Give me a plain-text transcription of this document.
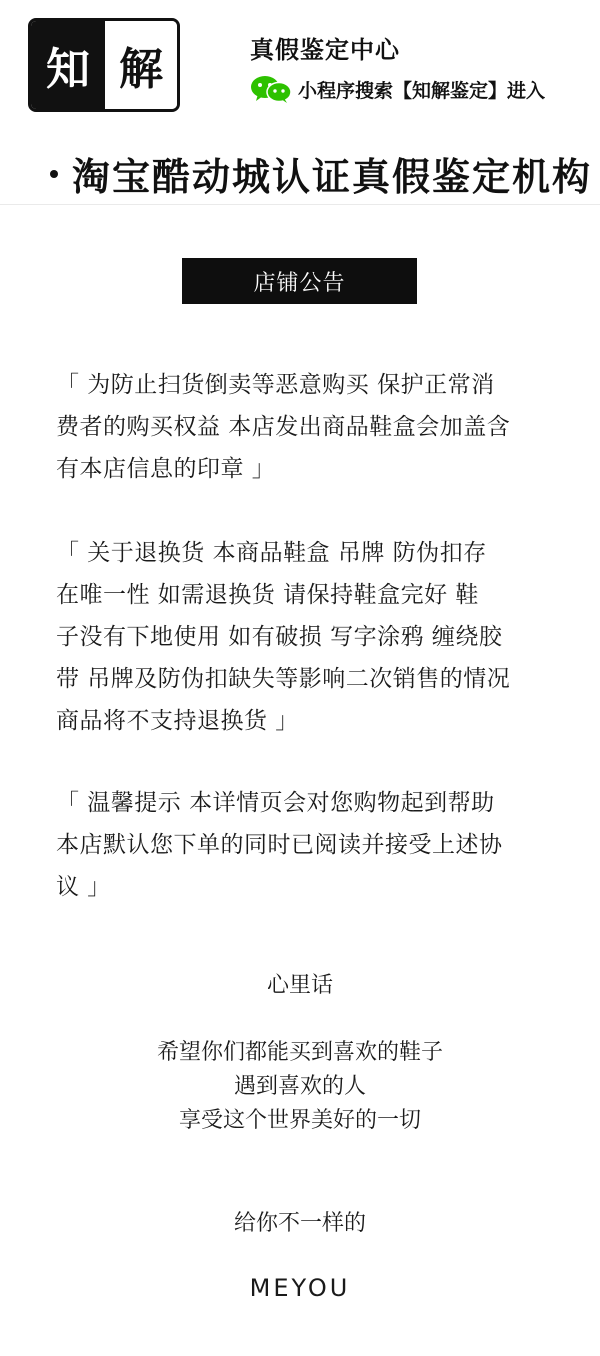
知 解	真假鉴定中心
小程序搜索【知解鉴定】进入
淘宝酷动城认证真假鉴定机构
店铺公告

「 为防止扫货倒卖等恶意购买 保护正常消

费者的购买权益 本店发出商品鞋盒会加盖含

有本店信息的印章 」

「 关于退换货 本商品鞋盒 吊牌 防伪扣存

在唯一性 如需退换货 请保持鞋盒完好 鞋

子没有下地使用 如有破损 写字涂鸦 缠绕胶

带 吊牌及防伪扣缺失等影响二次销售的情况

商品将不支持退换货 」

「 温馨提示 本详情页会对您购物起到帮助

本店默认您下单的同时已阅读并接受上述协

议 」

心里话

希望你们都能买到喜欢的鞋子

遇到喜欢的人

享受这个世界美好的一切

给你不一样的
MEYOU
